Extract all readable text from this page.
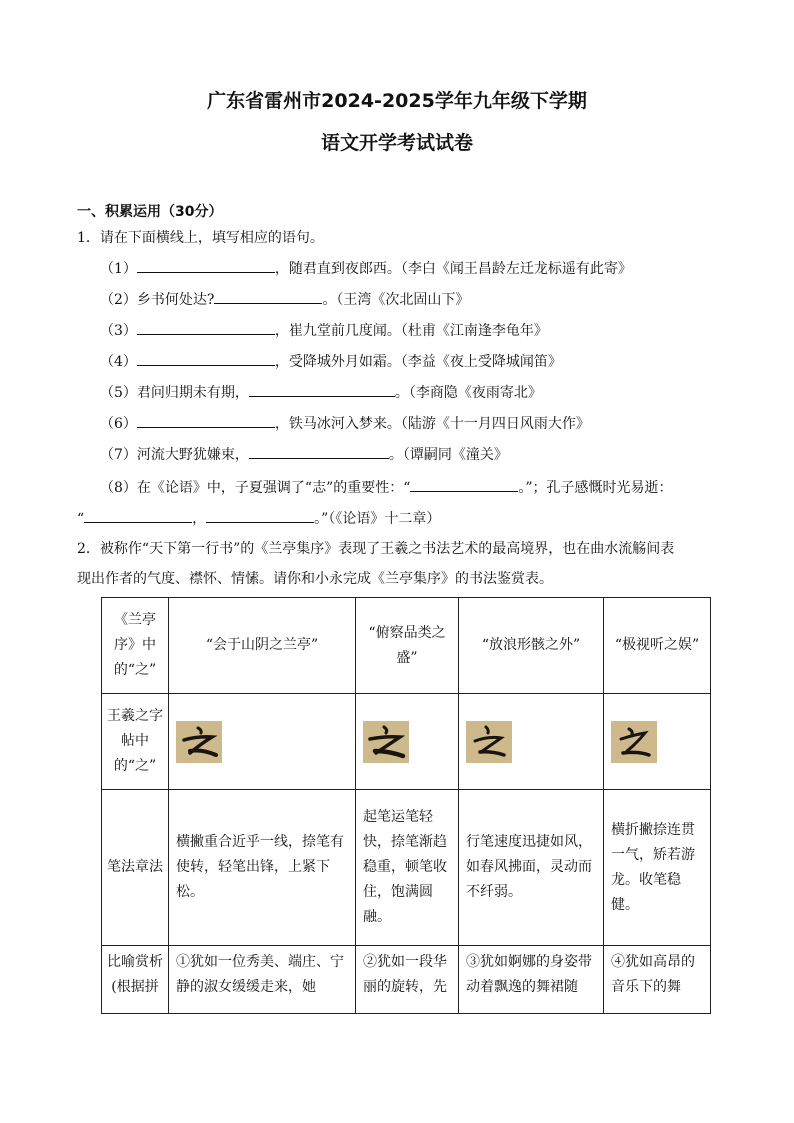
广东省雷州市2024-2025学年九年级下学期
语文开学考试试卷
一、积累运用（30分）
1．请在下面横线上，填写相应的语句。
（1）	，随君直到夜郎西。（李白《闻王昌龄左迁龙标遥有此寄》
（2）乡书何处达?	。（王湾《次北固山下》
（3）	，崔九堂前几度闻。（杜甫《江南逢李龟年》
（4）	，受降城外月如霜。（李益《夜上受降城闻笛》
（5）君问归期未有期，	。（李商隐《夜雨寄北》
（6）	，铁马冰河入梦来。（陆游《十一月四日风雨大作》
（7）河流大野犹嫌束，	。（谭嗣同《潼关》
（8）在《论语》中，子夏强调了“志”的重要性：“	。”；孔子感慨时光易逝：
“	，	。”（《论语》十二章）
2．被称作“天下第一行书”的《兰亭集序》表现了王羲之书法艺术的最高境界，也在曲水流觞间表
现出作者的气度、襟怀、情愫。请你和小永完成《兰亭集序》的书法鉴赏表。
《兰亭序》中的“之”	“会于山阴之兰亭”	“俯察品类之盛”	“放浪形骸之外”	“极视听之娱”
王羲之字帖中的“之”	

笔法章法	横撇重合近乎一线，捺笔有使转，轻笔出锋，上紧下松。	起笔运笔轻快，捺笔渐趋稳重，顿笔收住，饱满圆融。	行笔速度迅捷如风，如春风拂面，灵动而不纤弱。	横折撇捺连贯一气，矫若游龙。收笔稳健。
比喻赏析(根据拼	①犹如一位秀美、端庄、宁静的淑女缓缓走来，她	②犹如一段华丽的旋转，先	③犹如婀娜的身姿带动着飘逸的舞裙随	④犹如高昂的音乐下的舞
